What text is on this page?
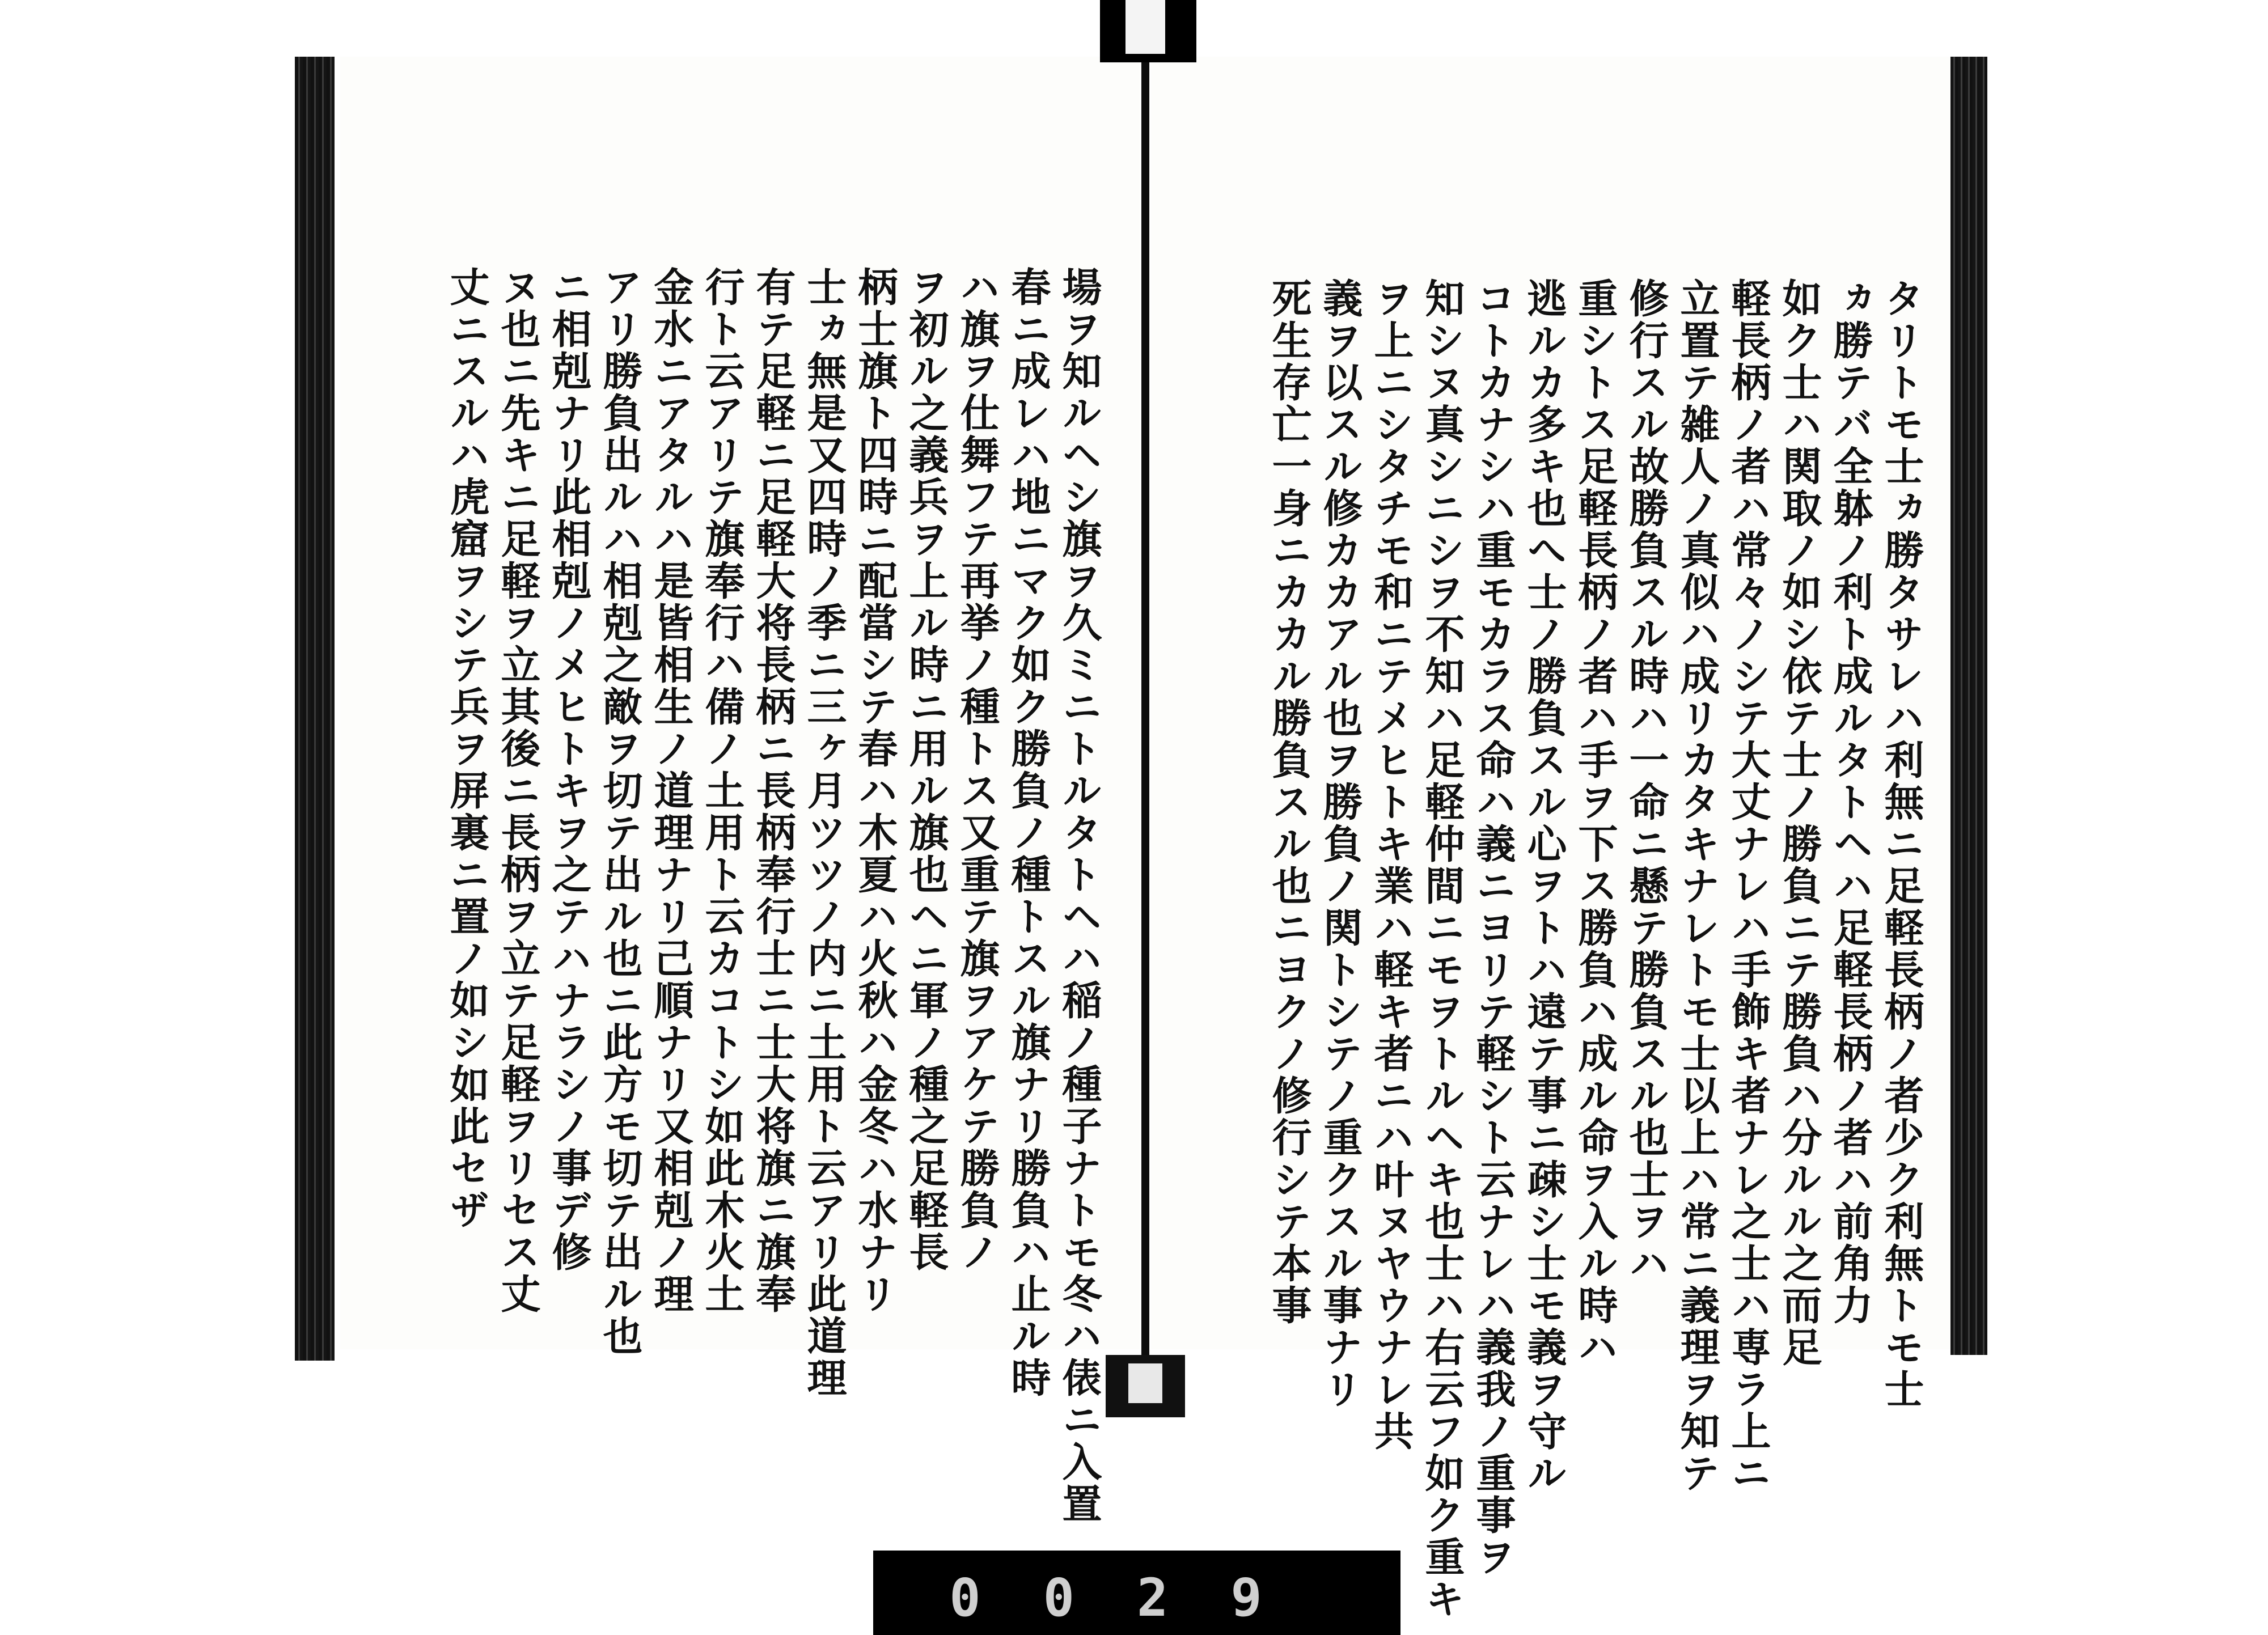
タリトモ士ヵ勝タサレハ利無ニ足軽長柄ノ者少ク利無トモ士
ヵ勝テバ全躰ノ利ト成ルタトヘハ足軽長柄ノ者ハ前角力
如ク士ハ関取ノ如シ依テ士ノ勝負ニテ勝負ハ分ルル之而足
軽長柄ノ者ハ常々ノシテ大丈ナレハ手飾キ者ナレ之士ハ専ラ上ニ
立置テ雑人ノ真似ハ成リカタキナレトモ士以上ハ常ニ義理ヲ知テ
修行スル故勝負スル時ハ一命ニ懸テ勝負スル也士ヲハ
重シトス足軽長柄ノ者ハ手ヲ下ス勝負ハ成ル命ヲ入ル時ハ
逃ルカ多キ也へ士ノ勝負スル心ヲトハ遠テ事ニ疎シ士モ義ヲ守ル
コトカナシハ重モカラス命ハ義ニヨリテ軽シト云ナレハ義我ノ重事ヲ
知シヌ真シニシヲ不知ハ足軽仲間ニモヲトルヘキ也士ハ右云フ如ク重キ
ヲ上ニシタチモ和ニテメヒトキ業ハ軽キ者ニハ叶ヌヤウナレ共
義ヲ以スル修カカアル也ヲ勝負ノ関トシテノ重クスル事ナリ
死生存亡一身ニカカル勝負スル也ニヨクノ修行シテ本事
場ヲ知ルヘシ旗ヲ久ミニトルタトヘハ稲ノ種子ナトモ冬ハ俵ニ入置
春ニ成レハ地ニマク如ク勝負ノ種トスル旗ナリ勝負ハ止ル時
ハ旗ヲ仕舞フテ再挙ノ種トス又重テ旗ヲアケテ勝負ノ
ヲ初ル之義兵ヲ上ル時ニ用ル旗也ヘニ軍ノ種之足軽長
柄士旗ト四時ニ配當シテ春ハ木夏ハ火秋ハ金冬ハ水ナリ
士ヵ無是又四時ノ季ニ三ヶ月ツツノ内ニ土用ト云アリ此道理
有テ足軽ニ足軽大将長柄ニ長柄奉行士ニ士大将旗ニ旗奉
行ト云アリテ旗奉行ハ備ノ土用ト云カコトシ如此木火土
金水ニアタルハ是皆相生ノ道理ナリ己順ナリ又相剋ノ理
アリ勝負出ルハ相剋之敵ヲ切テ出ル也ニ此方モ切テ出ル也
ニ相剋ナリ此相剋ノメヒトキヲ之テハナラシノ事デ修
ヌ也ニ先キニ足軽ヲ立其後ニ長柄ヲ立テ足軽ヲリセス丈
丈ニスルハ虎窟ヲシテ兵ヲ屏裏ニ置ノ如シ如此セザ
0029
